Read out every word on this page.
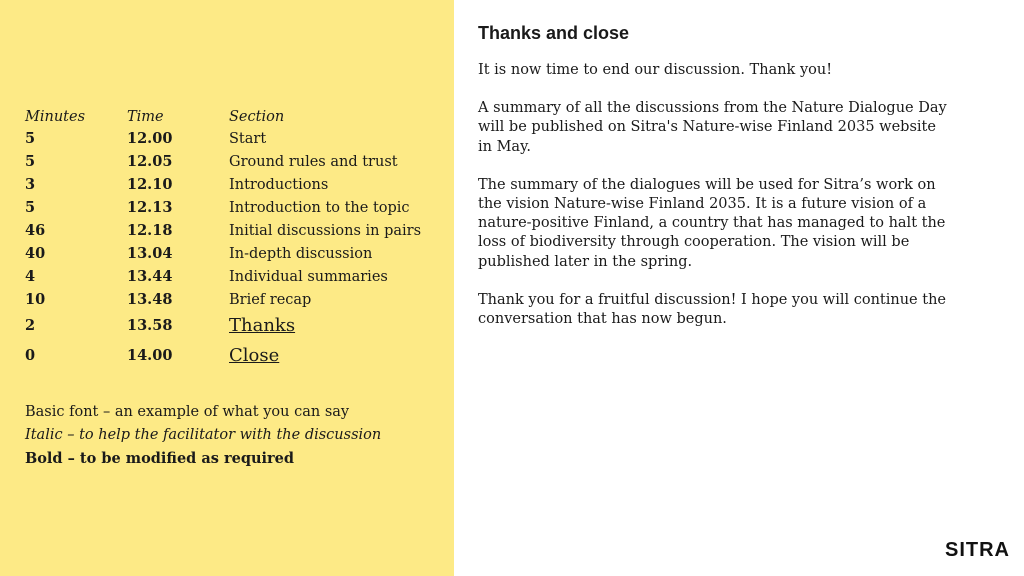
Minutes	Time	Section
5	12.00	Start
5	12.05	Ground rules and trust
3	12.10	Introductions
5	12.13	Introduction to the topic
46	12.18	Initial discussions in pairs
40	13.04	In-depth discussion
4	13.44	Individual summaries
10	13.48	Brief recap
2	13.58	Thanks
0	14.00	Close
Basic font – an example of what you can say
Italic – to help the facilitator with the discussion
Bold – to be modified as required
Thanks and close

It is now time to end our discussion. Thank you!

A summary of all the discussions from the Nature Dialogue Day will be published on Sitra's Nature-wise Finland 2035 website in May.

The summary of the dialogues will be used for Sitra’s work on the vision Nature-wise Finland 2035. It is a future vision of a nature-positive Finland, a country that has managed to halt the loss of biodiversity through cooperation. The vision will be published later in the spring.

Thank you for a fruitful discussion! I hope you will continue the conversation that has now begun.

SITRA
